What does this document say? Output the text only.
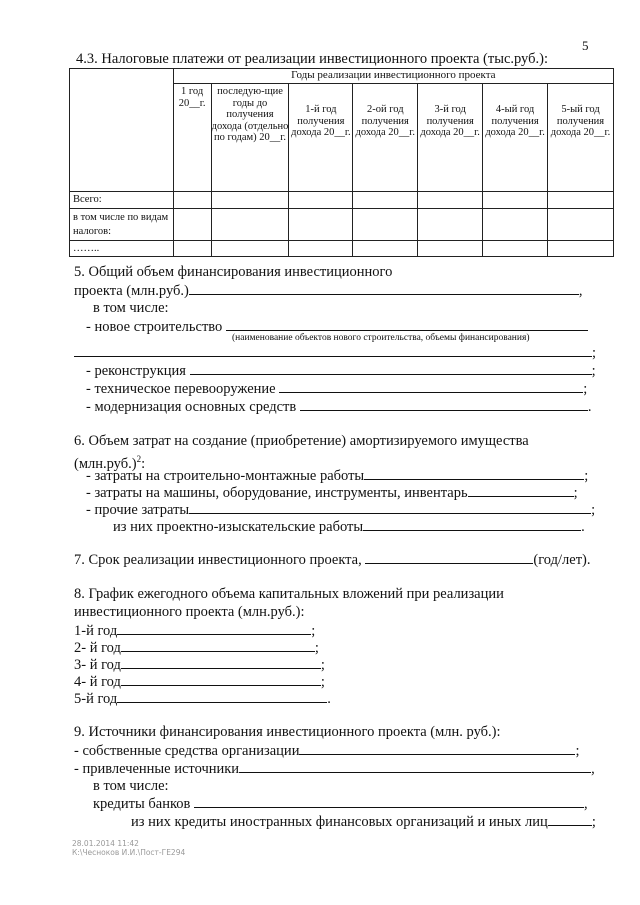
5
4.3. Налоговые платежи от реализации инвестиционного проекта (тыс.руб.):
	Годы реализации инвестиционного проекта						
	1 год 20__г.	последую-щие годы до получения дохода (отдельно по годам) 20__г.	1-й год получения дохода 20__г.	2-ой год получения дохода 20__г.	3-й год получения дохода 20__г.	4-ый год получения дохода 20__г.	5-ый год получения дохода 20__г.
Всего:							
в том числе по видам налогов:							
……..							
5. Общий объем финансирования инвестиционного
проекта (млн.руб.)	,
в том числе:
- новое строительство
(наименование объектов нового строительства, объемы финансирования)
;
- реконструкция	;
- техническое перевооружение	;
- модернизация основных средств	.
6. Объем затрат на создание (приобретение) амортизируемого имущества
$(млн.руб.)^2$:
- затраты на строительно-монтажные работы	;
- затраты на машины, оборудование, инструменты, инвентарь	;
- прочие затраты	;
из них проектно-изыскательские работы	.
7. Срок реализации инвестиционного проекта,	(год/лет).
8. График ежегодного объема капитальных вложений при реализации
инвестиционного проекта (млн.руб.):
1-й год	;
2- й год	;
3- й год	;
4- й год	;
5-й год	.
9. Источники финансирования инвестиционного проекта (млн. руб.):
- собственные средства организации	;
- привлеченные источники	,
в том числе:
кредиты банков	,
из них кредиты иностранных финансовых организаций и иных лиц	;
28.01.2014 11:42
К:\Чесноков И.И.\Пост-ГЕ294
